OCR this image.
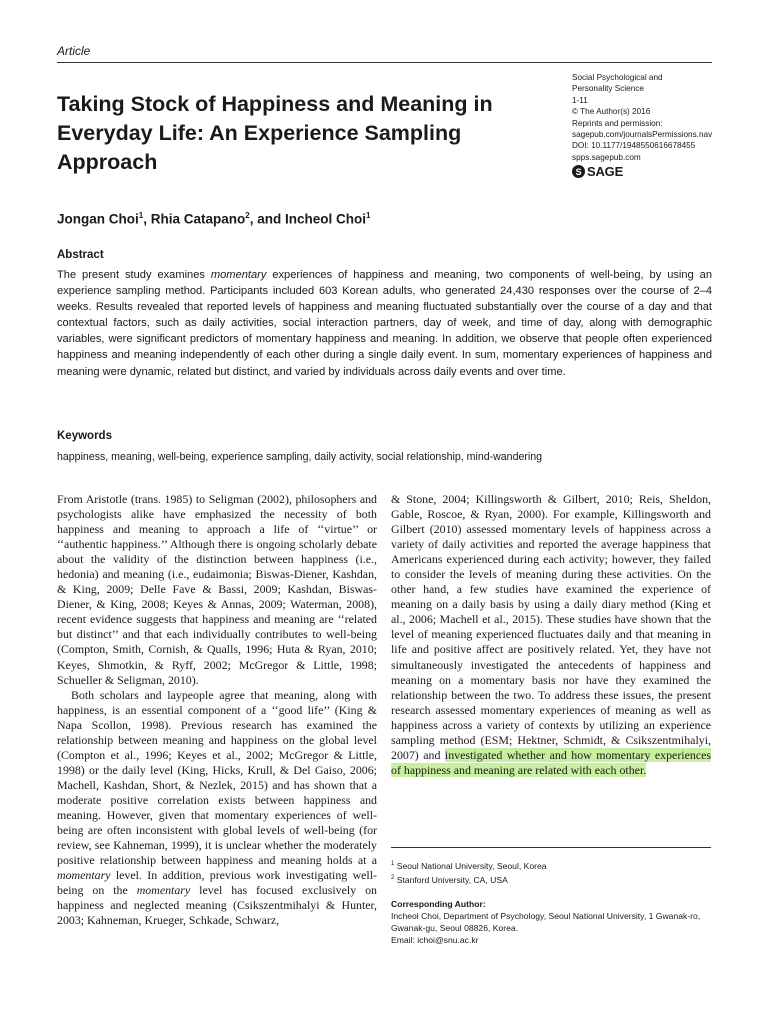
Article
Taking Stock of Happiness and Meaning in Everyday Life: An Experience Sampling Approach
Social Psychological and
Personality Science
1-11
© The Author(s) 2016
Reprints and permission:
sagepub.com/journalsPermissions.nav
DOI: 10.1177/1948550616678455
spps.sagepub.com
S SAGE
Jongan Choi$^1$, Rhia Catapano$^2$, and Incheol Choi$^1$
Abstract

The present study examines momentary experiences of happiness and meaning, two components of well-being, by using an experience sampling method. Participants included 603 Korean adults, who generated 24,430 responses over the course of 2–4 weeks. Results revealed that reported levels of happiness and meaning fluctuated substantially over the course of a day and that contextual factors, such as daily activities, social interaction partners, day of week, and time of day, along with demographic variables, were significant predictors of momentary happiness and meaning. In addition, we observe that people often experienced happiness and meaning independently of each other during a single daily event. In sum, momentary experiences of happiness and meaning were dynamic, related but distinct, and varied by individuals across daily events and over time.

Keywords
happiness, meaning, well-being, experience sampling, daily activity, social relationship, mind-wandering

From Aristotle (trans. 1985) to Seligman (2002), philosophers and psychologists alike have emphasized the necessity of both happiness and meaning to approach a life of ‘‘virtue’’ or ‘‘authentic happiness.’’ Although there is ongoing scholarly debate about the validity of the distinction between happiness (i.e., hedonia) and meaning (i.e., eudaimonia; Biswas-Diener, Kashdan, & King, 2009; Delle Fave & Bassi, 2009; Kashdan, Biswas-Diener, & King, 2008; Keyes & Annas, 2009; Waterman, 2008), recent evidence suggests that happiness and meaning are ‘‘related but distinct’’ and that each individually contributes to well-being (Compton, Smith, Cornish, & Qualls, 1996; Huta & Ryan, 2010; Keyes, Shmotkin, & Ryff, 2002; McGregor & Little, 1998; Schueller & Seligman, 2010).

Both scholars and laypeople agree that meaning, along with happiness, is an essential component of a ‘‘good life’’ (King & Napa Scollon, 1998). Previous research has examined the relationship between meaning and happiness on the global level (Compton et al., 1996; Keyes et al., 2002; McGregor & Little, 1998) or the daily level (King, Hicks, Krull, & Del Gaiso, 2006; Machell, Kashdan, Short, & Nezlek, 2015) and has shown that a moderate positive correlation exists between happiness and meaning. However, given that momentary experiences of well-being are often inconsistent with global levels of well-being (for review, see Kahneman, 1999), it is unclear whether the moderately positive relationship between happiness and meaning holds at a momentary level. In addition, previous work investigating well-being on the momentary level has focused exclusively on happiness and neglected meaning (Csikszentmihalyi & Hunter, 2003; Kahneman, Krueger, Schkade, Schwarz,

& Stone, 2004; Killingsworth & Gilbert, 2010; Reis, Sheldon, Gable, Roscoe, & Ryan, 2000). For example, Killingsworth and Gilbert (2010) assessed momentary levels of happiness across a variety of daily activities and reported the average happiness that Americans experienced during each activity; however, they failed to consider the levels of meaning during these activities. On the other hand, a few studies have examined the experience of meaning on a daily basis by using a daily diary method (King et al., 2006; Machell et al., 2015). These studies have shown that the level of meaning experienced fluctuates daily and that meaning in life and positive affect are positively related. Yet, they have not simultaneously investigated the antecedents of happiness and meaning on a momentary basis nor have they examined the relationship between the two. To address these issues, the present research assessed momentary experiences of meaning as well as happiness across a variety of contexts by utilizing an experience sampling method (ESM; Hektner, Schmidt, & Csikszentmihalyi, 2007) and investigated whether and how momentary experiences of happiness and meaning are related with each other.

$^1$ Seoul National University, Seoul, Korea
$^2$ Stanford University, CA, USA
Corresponding Author:
Incheol Choi, Department of Psychology, Seoul National University, 1 Gwanak-ro, Gwanak-gu, Seoul 08826, Korea.
Email: ichoi@snu.ac.kr
